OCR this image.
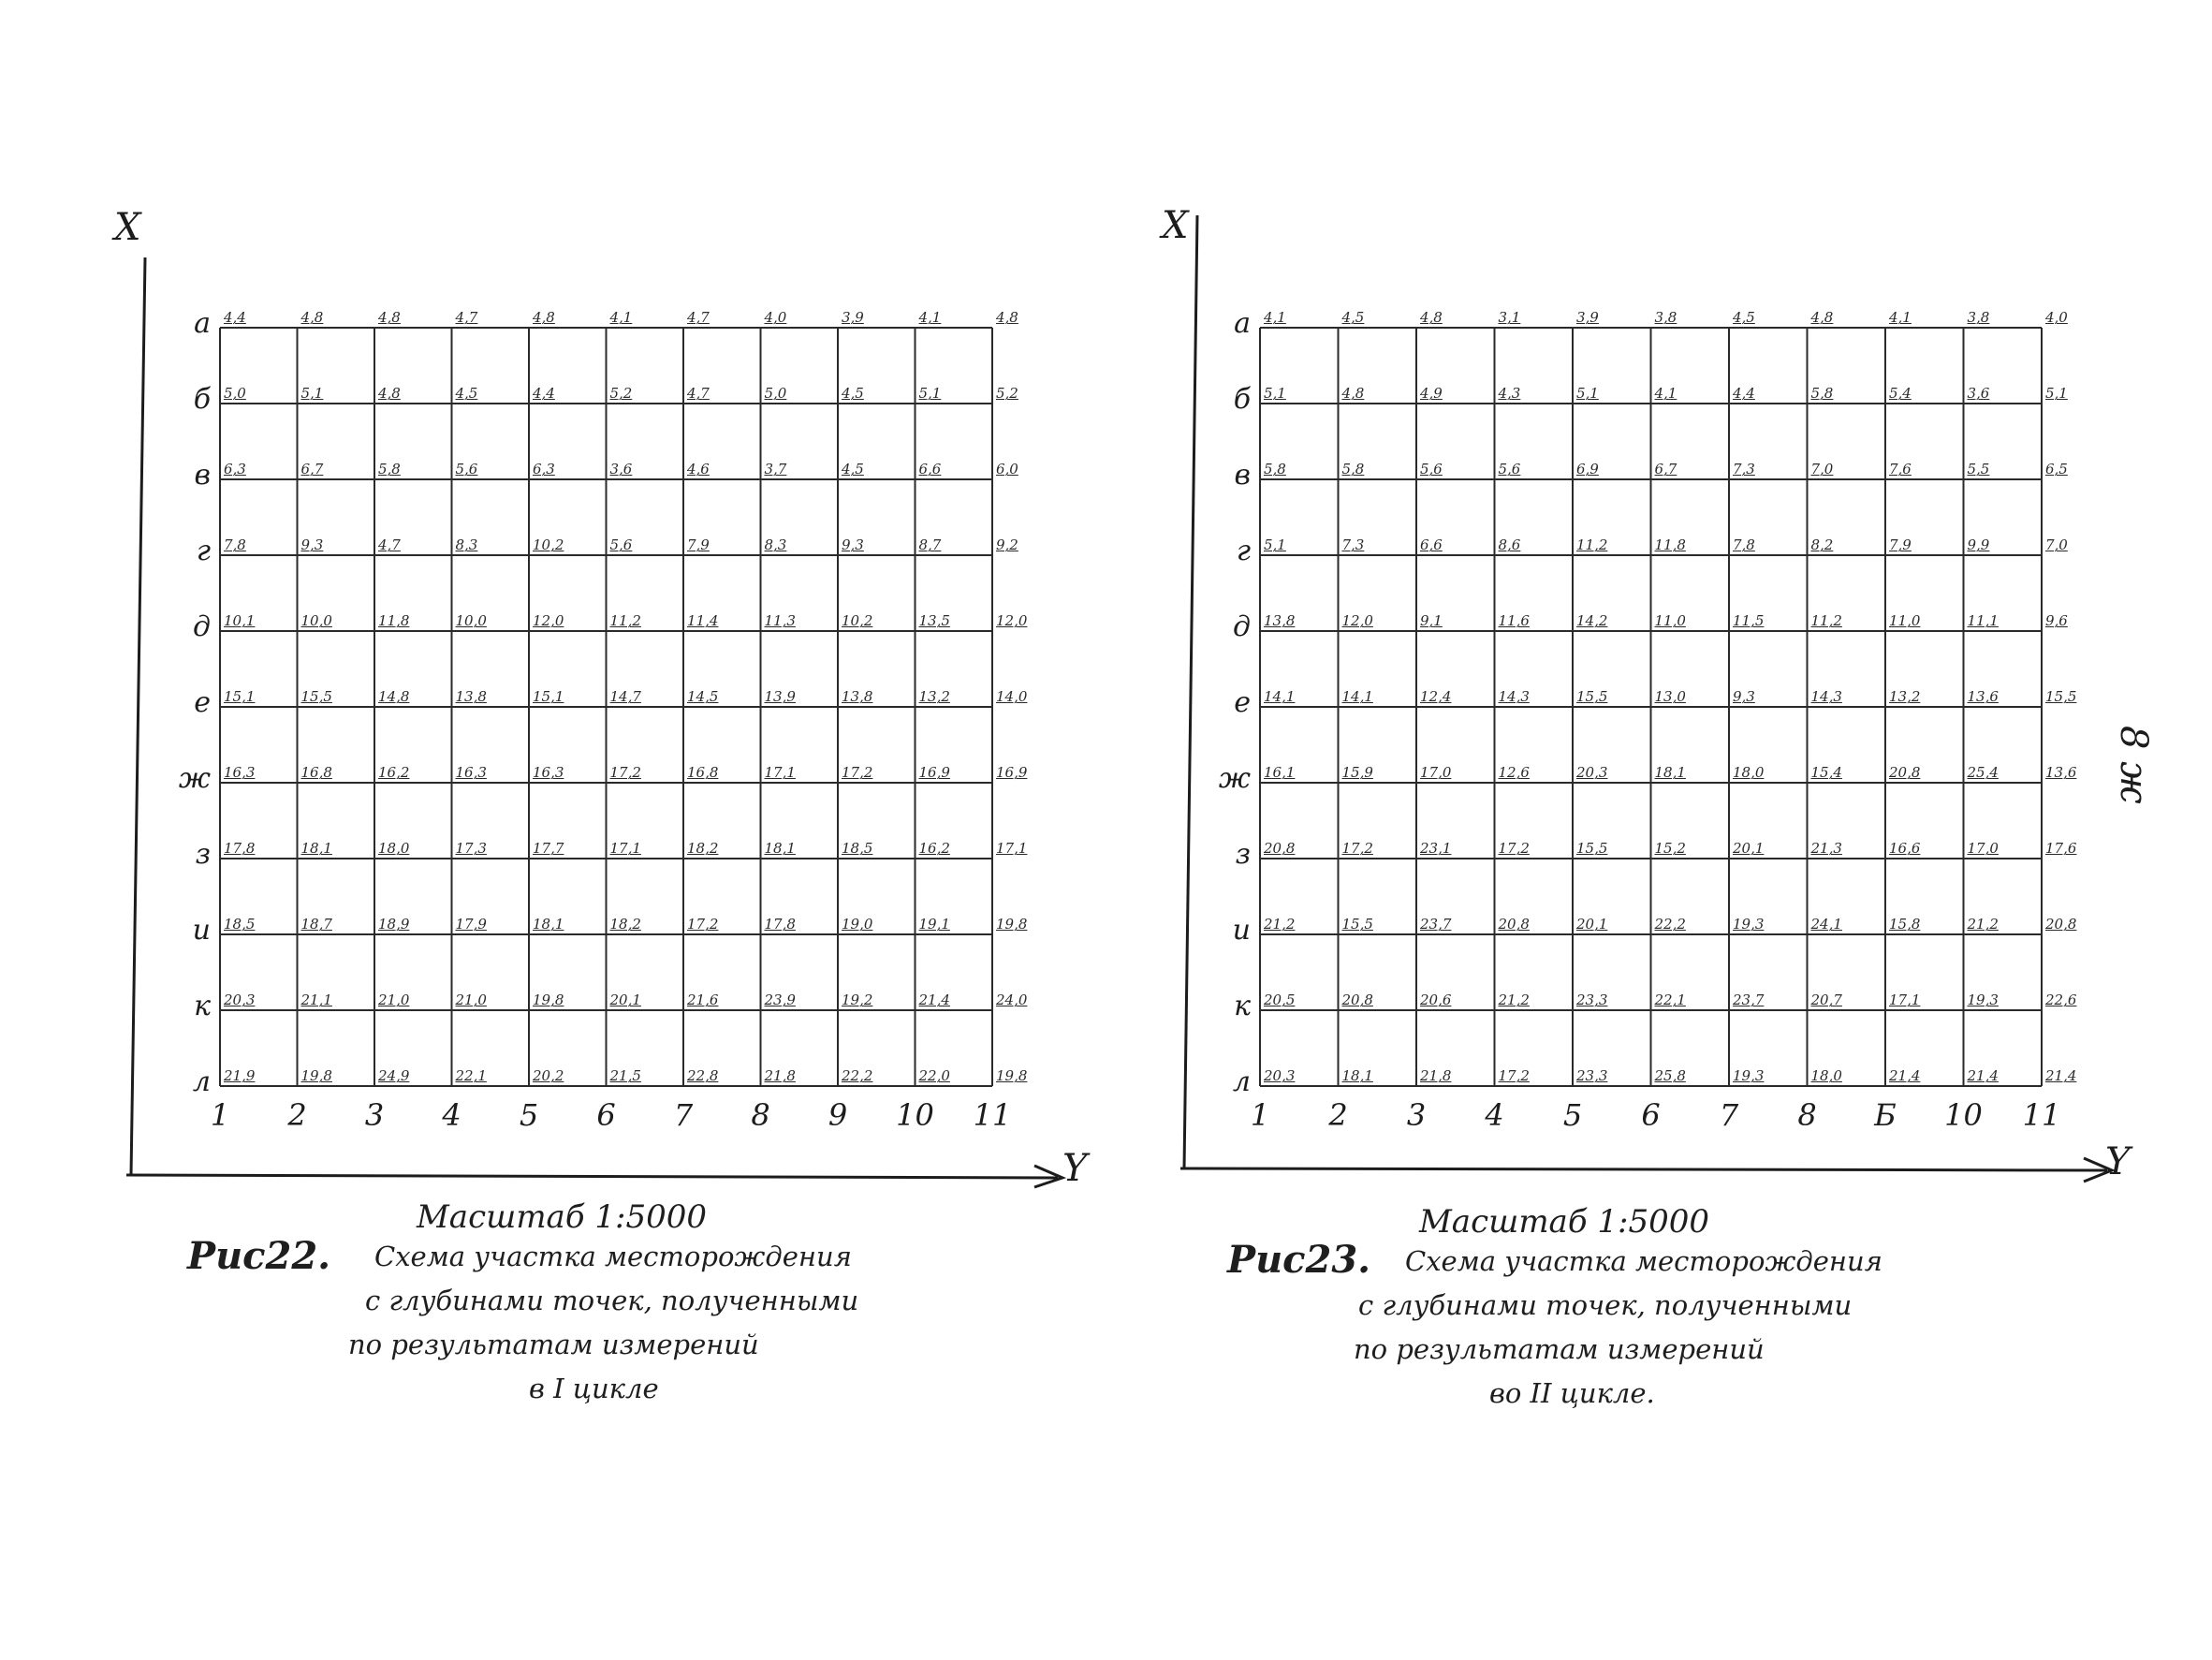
X
Y
а
б
в
г
д
е
ж
з
и
к
л
1	2	3	4	5	6	7	8	9	10 11
4,4	4,8	4,8	4,7	4,8	4,1	4,7	4,0	3,9	4,1	4,8
5,0	5,1	4,8	4,5	4,4	5,2	4,7	5,0	4,5	5,1	5,2
6,3	6,7	5,8	5,6	6,3	3,6	4,6	3,7	4,5	6,6	6,0
7,8	9,3	4,7	8,3	10,2	5,6	7,9	8,3	9,3	8,7	9,2
10,1	10,0	11,8	10,0	12,0	11,2	11,4	11,3	10,2	13,5	12,0
15,1	15,5	14,8	13,8	15,1	14,7	14,5	13,9	13,8	13,2	14,0
16,3	16,8	16,2	16,3	16,3	17,2	16,8	17,1	17,2	16,9	16,9
17,8	18,1	18,0	17,3	17,7	17,1	18,2	18,1	18,5	16,2	17,1
18,5	18,7	18,9	17,9	18,1	18,2	17,2	17,8	19,0	19,1	19,8
20,3	21,1	21,0	21,0	19,8	20,1	21,6	23,9	19,2	21,4	24,0
21,9	19,8	24,9	22,1	20,2	21,5	22,8	21,8	22,2	22,0	19,8
Масштаб 1:5000
Рис22. Схема участка месторождения
с глубинами точек, полученными
по результатам измерений
в I цикле
X
Y
8 ж
а
б
в
г
д
е
ж
з
и
к
л
1	2	3	4	5	6	7	8	Б	10 11
4,1	4,5	4,8	3,1	3,9	3,8	4,5	4,8	4,1	3,8	4,0
5,1	4,8	4,9	4,3	5,1	4,1	4,4	5,8	5,4	3,6	5,1
5,8	5,8	5,6	5,6	6,9	6,7	7,3	7,0	7,6	5,5	6,5
5,1	7,3	6,6	8,6	11,2	11,8	7,8	8,2	7,9	9,9	7,0
13,8	12,0	9,1	11,6	14,2	11,0	11,5	11,2	11,0	11,1	9,6
14,1	14,1	12,4	14,3	15,5	13,0	9,3	14,3	13,2	13,6	15,5
16,1	15,9	17,0	12,6	20,3	18,1	18,0	15,4	20,8	25,4	13,6
20,8	17,2	23,1	17,2	15,5	15,2	20,1	21,3	16,6	17,0	17,6
21,2	15,5	23,7	20,8	20,1	22,2	19,3	24,1	15,8	21,2	20,8
20,5	20,8	20,6	21,2	23,3	22,1	23,7	20,7	17,1	19,3	22,6
20,3	18,1	21,8	17,2	23,3	25,8	19,3	18,0	21,4	21,4	21,4
Масштаб 1:5000
Рис23. Схема участка месторождения
с глубинами точек, полученными
по результатам измерений
во II цикле.
